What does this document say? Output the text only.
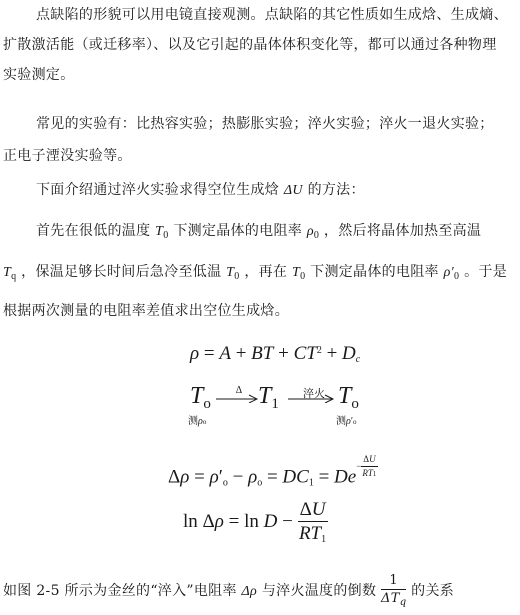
点缺陷的形貌可以用电镜直接观测。点缺陷的其它性质如生成焓、生成熵、
扩散激活能（或迁移率）、以及它引起的晶体体积变化等，都可以通过各种物理
实验测定。
常见的实验有：比热容实验；热膨胀实验；淬火实验；淬火一退火实验；
正电子湮没实验等。
下面介绍通过淬火实验求得空位生成焓 ΔU 的方法：
首先在很低的温度 $T_0$ 下测定晶体的电阻率 $\rho_0$ ，然后将晶体加热至高温
$T_q$ ，保温足够长时间后急冷至低温 $T_0$ ，再在 $T_0$ 下测定晶体的电阻率 $\rho'_0$ 。于是
根据两次测量的电阻率差值求出空位生成焓。
ρ = A + BT + $CT^2 + D_c$
$T_o$
测ρo
Δ $T_1$
淬火 $T_o$
测ρ′o
$\Delta\rho = \rho'_o - \rho_o = DC_1 = De- \frac{\Delta U}{RT1}$
$\ln \Delta\rho = \ln D - \frac{\Delta U}{RT_1}$
如图 2-5 所示为金丝的“淬入”电阻率 Δρ 与淬火温度的倒数 $\frac{1}{\Delta T_q}$ 的关系
